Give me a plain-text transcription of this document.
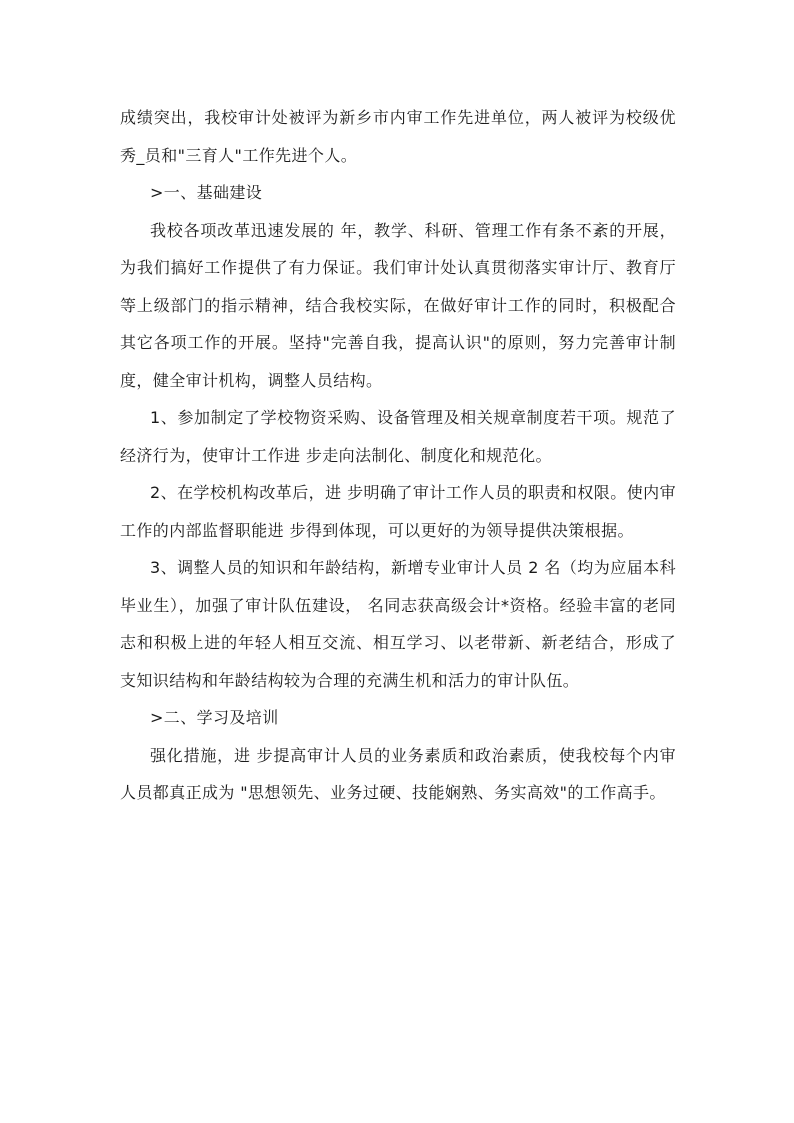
成绩突出，我校审计处被评为新乡市内审工作先进单位，两人被评为校级优秀_员和"三育人"工作先进个人。

>一、基础建设

我校各项改革迅速发展的 年，教学、科研、管理工作有条不紊的开展，为我们搞好工作提供了有力保证。我们审计处认真贯彻落实审计厅、教育厅等上级部门的指示精神，结合我校实际，在做好审计工作的同时，积极配合其它各项工作的开展。坚持"完善自我，提高认识"的原则，努力完善审计制度，健全审计机构，调整人员结构。

1、参加制定了学校物资采购、设备管理及相关规章制度若干项。规范了经济行为，使审计工作进 步走向法制化、制度化和规范化。

2、在学校机构改革后，进 步明确了审计工作人员的职责和权限。使内审工作的内部监督职能进 步得到体现，可以更好的为领导提供决策根据。

3、调整人员的知识和年龄结构，新增专业审计人员 2 名（均为应届本科毕业生），加强了审计队伍建设， 名同志获高级会计*资格。经验丰富的老同志和积极上进的年轻人相互交流、相互学习、以老带新、新老结合，形成了 支知识结构和年龄结构较为合理的充满生机和活力的审计队伍。

>二、学习及培训

强化措施，进 步提高审计人员的业务素质和政治素质，使我校每个内审人员都真正成为 "思想领先、业务过硬、技能娴熟、务实高效"的工作高手。
